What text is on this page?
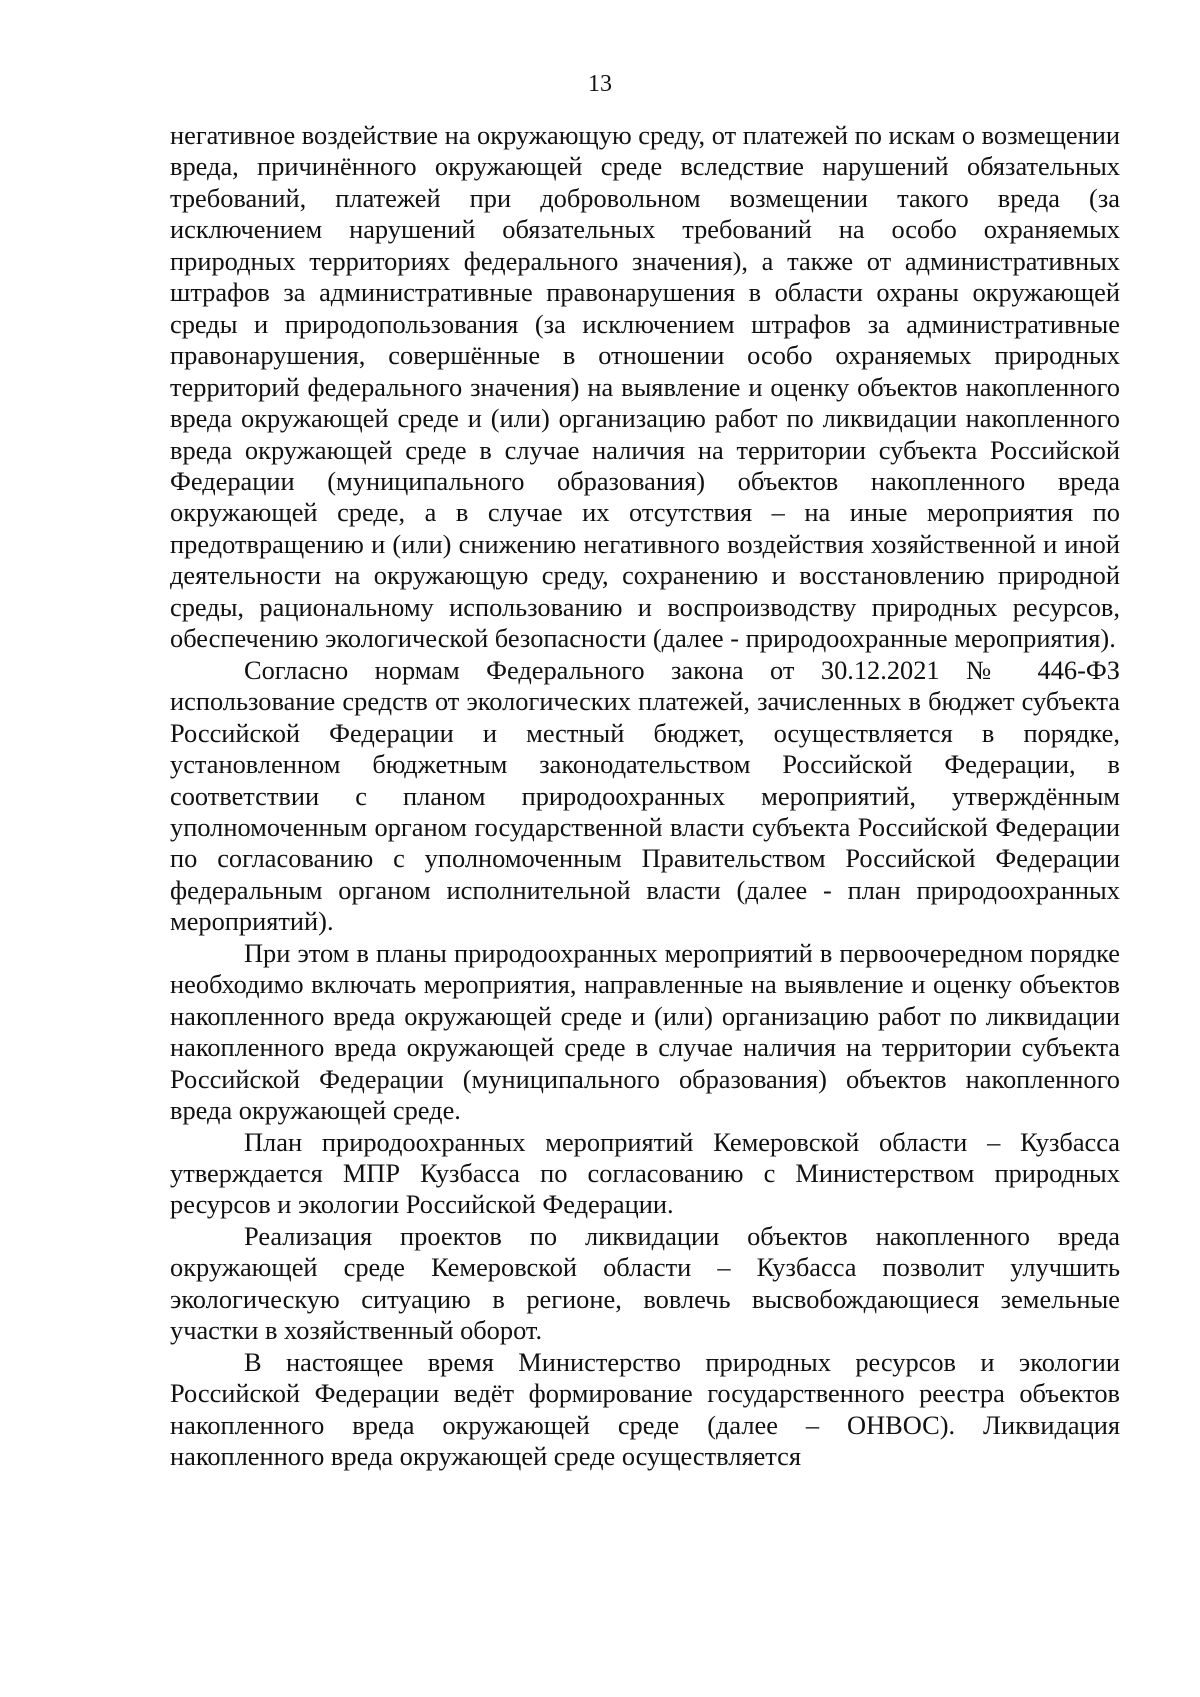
13

негативное воздействие на окружающую среду, от платежей по искам о возмещении вреда, причинённого окружающей среде вследствие нарушений обязательных требований, платежей при добровольном возмещении такого вреда (за исключением нарушений обязательных требований на особо охраняемых природных территориях федерального значения), а также от административных штрафов за административные правонарушения в области охраны окружающей среды и природопользования (за исключением штрафов за административные правонарушения, совершённые в отношении особо охраняемых природных территорий федерального значения) на выявление и оценку объектов накопленного вреда окружающей среде и (или) организацию работ по ликвидации накопленного вреда окружающей среде в случае наличия на территории субъекта Российской Федерации (муниципального образования) объектов накопленного вреда окружающей среде, а в случае их отсутствия – на иные мероприятия по предотвращению и (или) снижению негативного воздействия хозяйственной и иной деятельности на окружающую среду, сохранению и восстановлению природной среды, рациональному использованию и воспроизводству природных ресурсов, обеспечению экологической безопасности (далее - природоохранные мероприятия).

Согласно нормам Федерального закона от 30.12.2021 № 446-ФЗ использование средств от экологических платежей, зачисленных в бюджет субъекта Российской Федерации и местный бюджет, осуществляется в порядке, установленном бюджетным законодательством Российской Федерации, в соответствии с планом природоохранных мероприятий, утверждённым уполномоченным органом государственной власти субъекта Российской Федерации по согласованию с уполномоченным Правительством Российской Федерации федеральным органом исполнительной власти (далее - план природоохранных мероприятий).

При этом в планы природоохранных мероприятий в первоочередном порядке необходимо включать мероприятия, направленные на выявление и оценку объектов накопленного вреда окружающей среде и (или) организацию работ по ликвидации накопленного вреда окружающей среде в случае наличия на территории субъекта Российской Федерации (муниципального образования) объектов накопленного вреда окружающей среде.

План природоохранных мероприятий Кемеровской области – Кузбасса утверждается МПР Кузбасса по согласованию с Министерством природных ресурсов и экологии Российской Федерации.

Реализация проектов по ликвидации объектов накопленного вреда окружающей среде Кемеровской области – Кузбасса позволит улучшить экологическую ситуацию в регионе, вовлечь высвобождающиеся земельные участки в хозяйственный оборот.

В настоящее время Министерство природных ресурсов и экологии Российской Федерации ведёт формирование государственного реестра объектов накопленного вреда окружающей среде (далее – ОНВОС). Ликвидация накопленного вреда окружающей среде осуществляется
